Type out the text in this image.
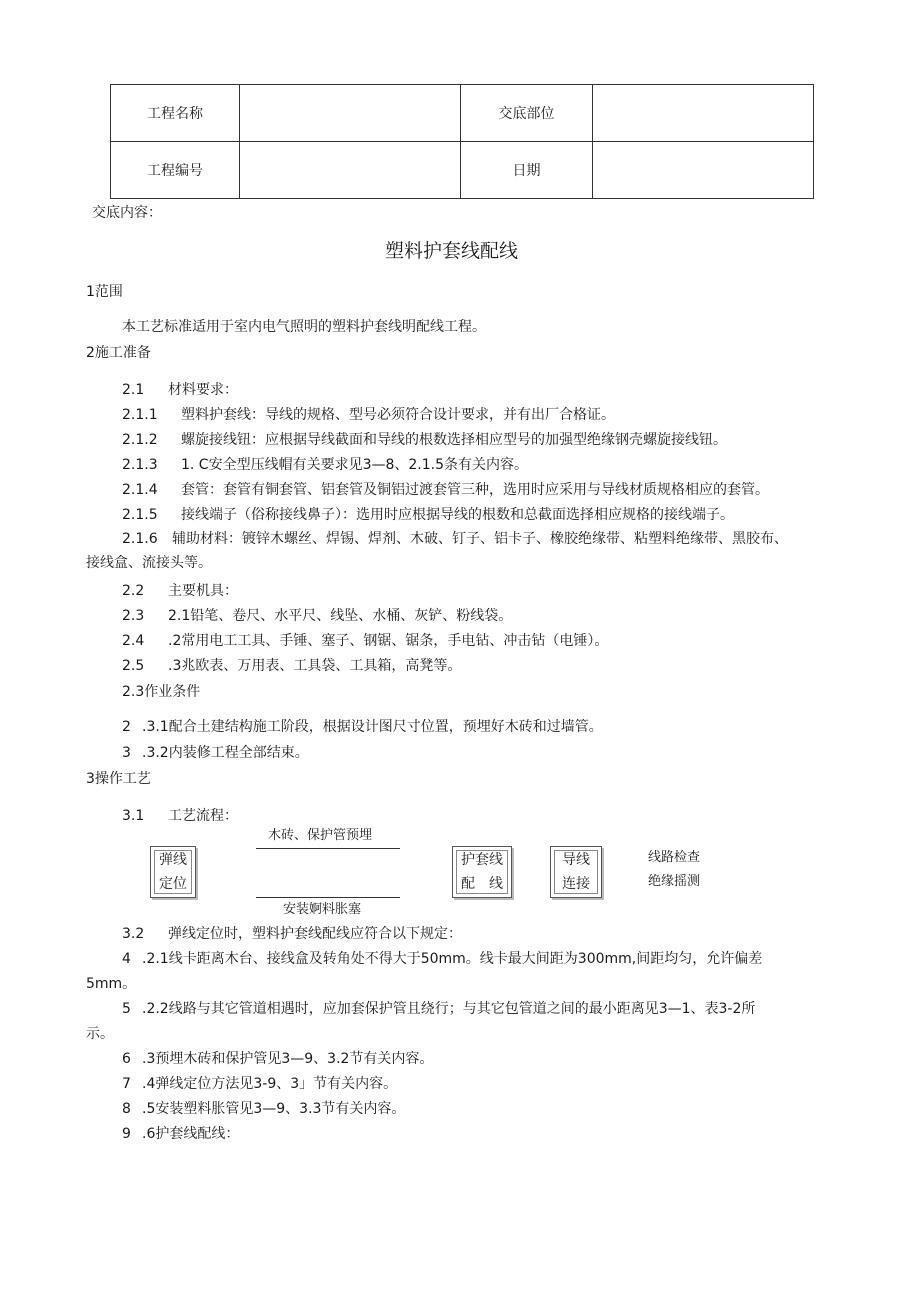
工程名称		交底部位	
工程编号		日期	
交底内容：
塑料护套线配线
1范围
本工艺标准适用于室内电气照明的塑料护套线明配线工程。
2施工准备
2.1 材料要求：
2.1.1 塑料护套线：导线的规格、型号必须符合设计要求，并有出厂合格证。
2.1.2 螺旋接线钮：应根据导线截面和导线的根数选择相应型号的加强型绝缘钢壳螺旋接线钮。
2.1.3 1. C安全型压线帽有关要求见3—8、2.1.5条有关内容。
2.1.4 套管：套管有铜套管、铝套管及铜铝过渡套管三种，选用时应采用与导线材质规格相应的套管。
2.1.5 接线端子（俗称接线鼻子）：选用时应根据导线的根数和总截面选择相应规格的接线端子。
2.1.6 辅助材料：镀锌木螺丝、焊锡、焊剂、木破、钉子、铝卡子、橡胶绝缘带、粘塑料绝缘带、黑胶布、
接线盒、流接头等。
2.2 主要机具：
2.3 2.1铅笔、卷尺、水平尺、线坠、水桶、灰铲、粉线袋。
2.4 .2常用电工工具、手锤、塞子、钢锯、锯条，手电钻、冲击钻（电锤）。
2.5 .3兆欧表、万用表、工具袋、工具箱，高凳等。
2.3作业条件
2 .3.1配合土建结构施工阶段，根据设计图尺寸位置，预埋好木砖和过墙管。
3 .3.2内装修工程全部结束。
3操作工艺
3.1 工艺流程：
木砖、保护管预埋
弹线
定位
安装婀料胀塞
护套线
配　线
导线
连接
线路检查
绝缘摇测
3.2 弹线定位时，塑料护套线配线应符合以下规定：
4 .2.1线卡距离木台、接线盒及转角处不得大于50mm。线卡最大间距为300mm,间距均匀，允许偏差
5mm。
5 .2.2线路与其它管道相遇时，应加套保护管且绕行；与其它包管道之间的最小距离见3—1、表3-2所
示。
6 .3预埋木砖和保护管见3—9、3.2节有关内容。
7 .4弹线定位方法见3-9、3」节有关内容。
8 .5安装塑料胀管见3—9、3.3节有关内容。
9 .6护套线配线：
